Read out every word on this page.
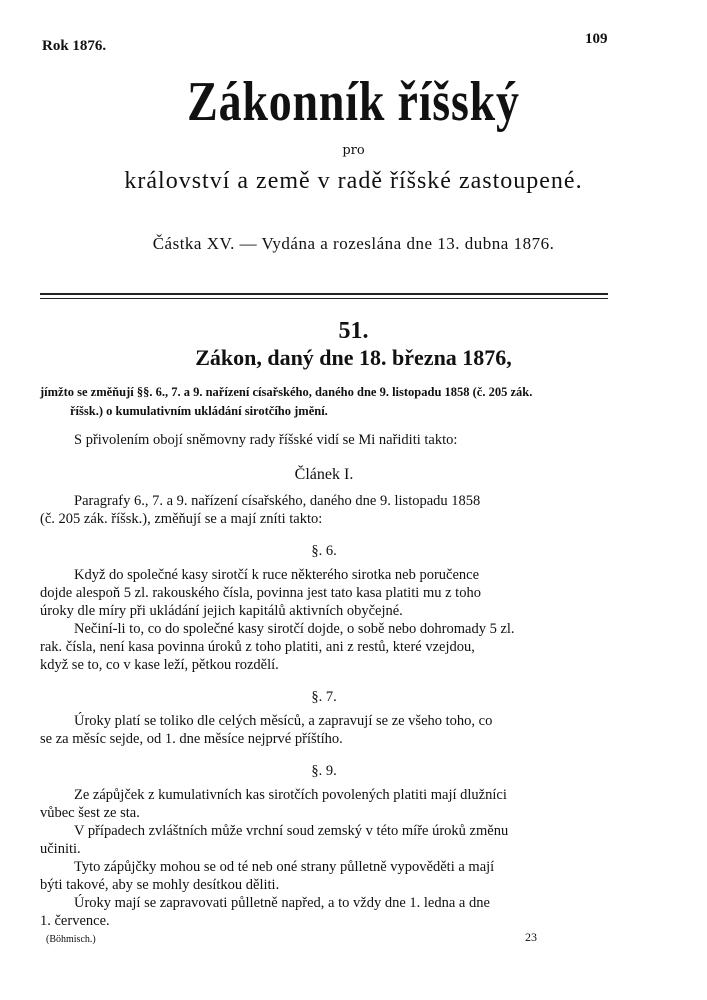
Rok 1876.	109
Zákonník říšský
pro
království a země v radě říšské zastoupené.
Částka XV. — Vydána a rozeslána dne 13. dubna 1876.
51.
Zákon, daný dne 18. března 1876,
jímžto se změňují §§. 6., 7. a 9. nařízení císařského, daného dne 9. listopadu 1858 (č. 205 zák.
říšsk.) o kumulativním ukládání sirotčího jmění.
S přivolením obojí sněmovny rady říšské vidí se Mi nařiditi takto:
Článek I.
Paragrafy 6., 7. a 9. nařízení císařského, daného dne 9. listopadu 1858
(č. 205 zák. říšsk.), změňují se a mají zníti takto:
§. 6.
Když do společné kasy sirotčí k ruce některého sirotka neb poručence
dojde alespoň 5 zl. rakouského čísla, povinna jest tato kasa platiti mu z toho
úroky dle míry při ukládání jejich kapitálů aktivních obyčejné.
Nečiní-li to, co do společné kasy sirotčí dojde, o sobě nebo dohromady 5 zl.
rak. čísla, není kasa povinna úroků z toho platiti, ani z restů, které vzejdou,
když se to, co v kase leží, pětkou rozdělí.
§. 7.
Úroky platí se toliko dle celých měsíců, a zapravují se ze všeho toho, co
se za měsíc sejde, od 1. dne měsíce nejprvé příštího.
§. 9.
Ze zápůjček z kumulativních kas sirotčích povolených platiti mají dlužníci
vůbec šest ze sta.
V případech zvláštních může vrchní soud zemský v této míře úroků změnu
učiniti.
Tyto zápůjčky mohou se od té neb oné strany půlletně vypověděti a mají
býti takové, aby se mohly desítkou děliti.
Úroky mají se zapravovati půlletně napřed, a to vždy dne 1. ledna a dne
1. července.
(Böhmisch.)	23
